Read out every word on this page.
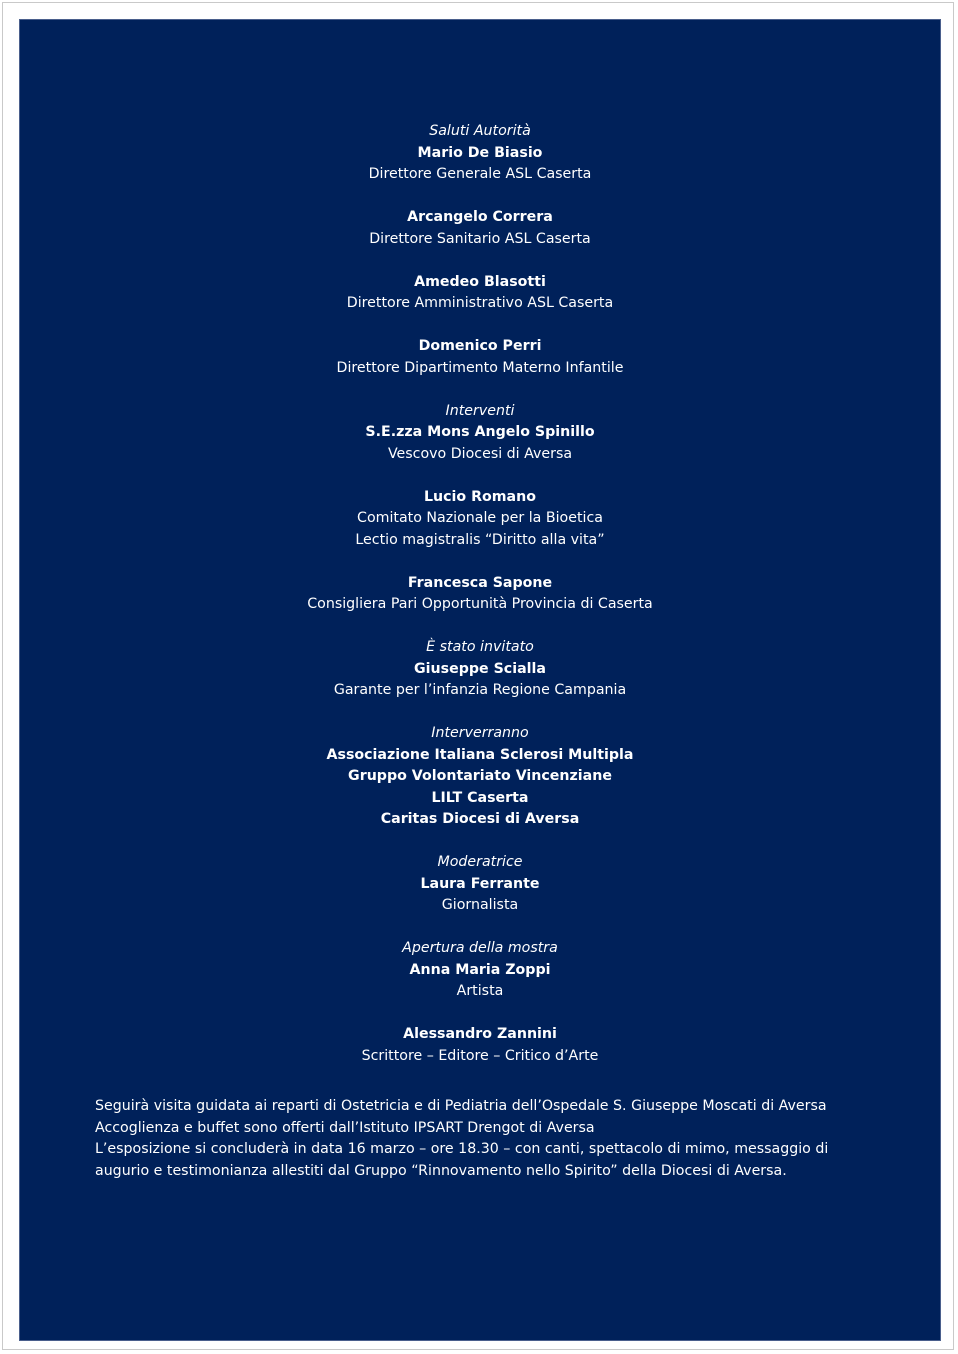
Saluti Autorità
Mario De Biasio
Direttore Generale ASL Caserta
Arcangelo Correra
Direttore Sanitario ASL Caserta
Amedeo Blasotti
Direttore Amministrativo ASL Caserta
Domenico Perri
Direttore Dipartimento Materno Infantile
Interventi
S.E.zza Mons Angelo Spinillo
Vescovo Diocesi di Aversa
Lucio Romano
Comitato Nazionale per la Bioetica
Lectio magistralis “Diritto alla vita”
Francesca Sapone
Consigliera Pari Opportunità Provincia di Caserta
È stato invitato
Giuseppe Scialla
Garante per l’infanzia Regione Campania
Interverranno
Associazione Italiana Sclerosi Multipla
Gruppo Volontariato Vincenziane
LILT Caserta
Caritas Diocesi di Aversa
Moderatrice
Laura Ferrante
Giornalista
Apertura della mostra
Anna Maria Zoppi
Artista
Alessandro Zannini
Scrittore – Editore – Critico d’Arte
Seguirà visita guidata ai reparti di Ostetricia e di Pediatria dell’Ospedale S. Giuseppe Moscati di Aversa
Accoglienza e buffet sono offerti dall’Istituto IPSART Drengot di Aversa
L’esposizione si concluderà in data 16 marzo – ore 18.30 – con canti, spettacolo di mimo, messaggio di
augurio e testimonianza allestiti dal Gruppo “Rinnovamento nello Spirito” della Diocesi di Aversa.
